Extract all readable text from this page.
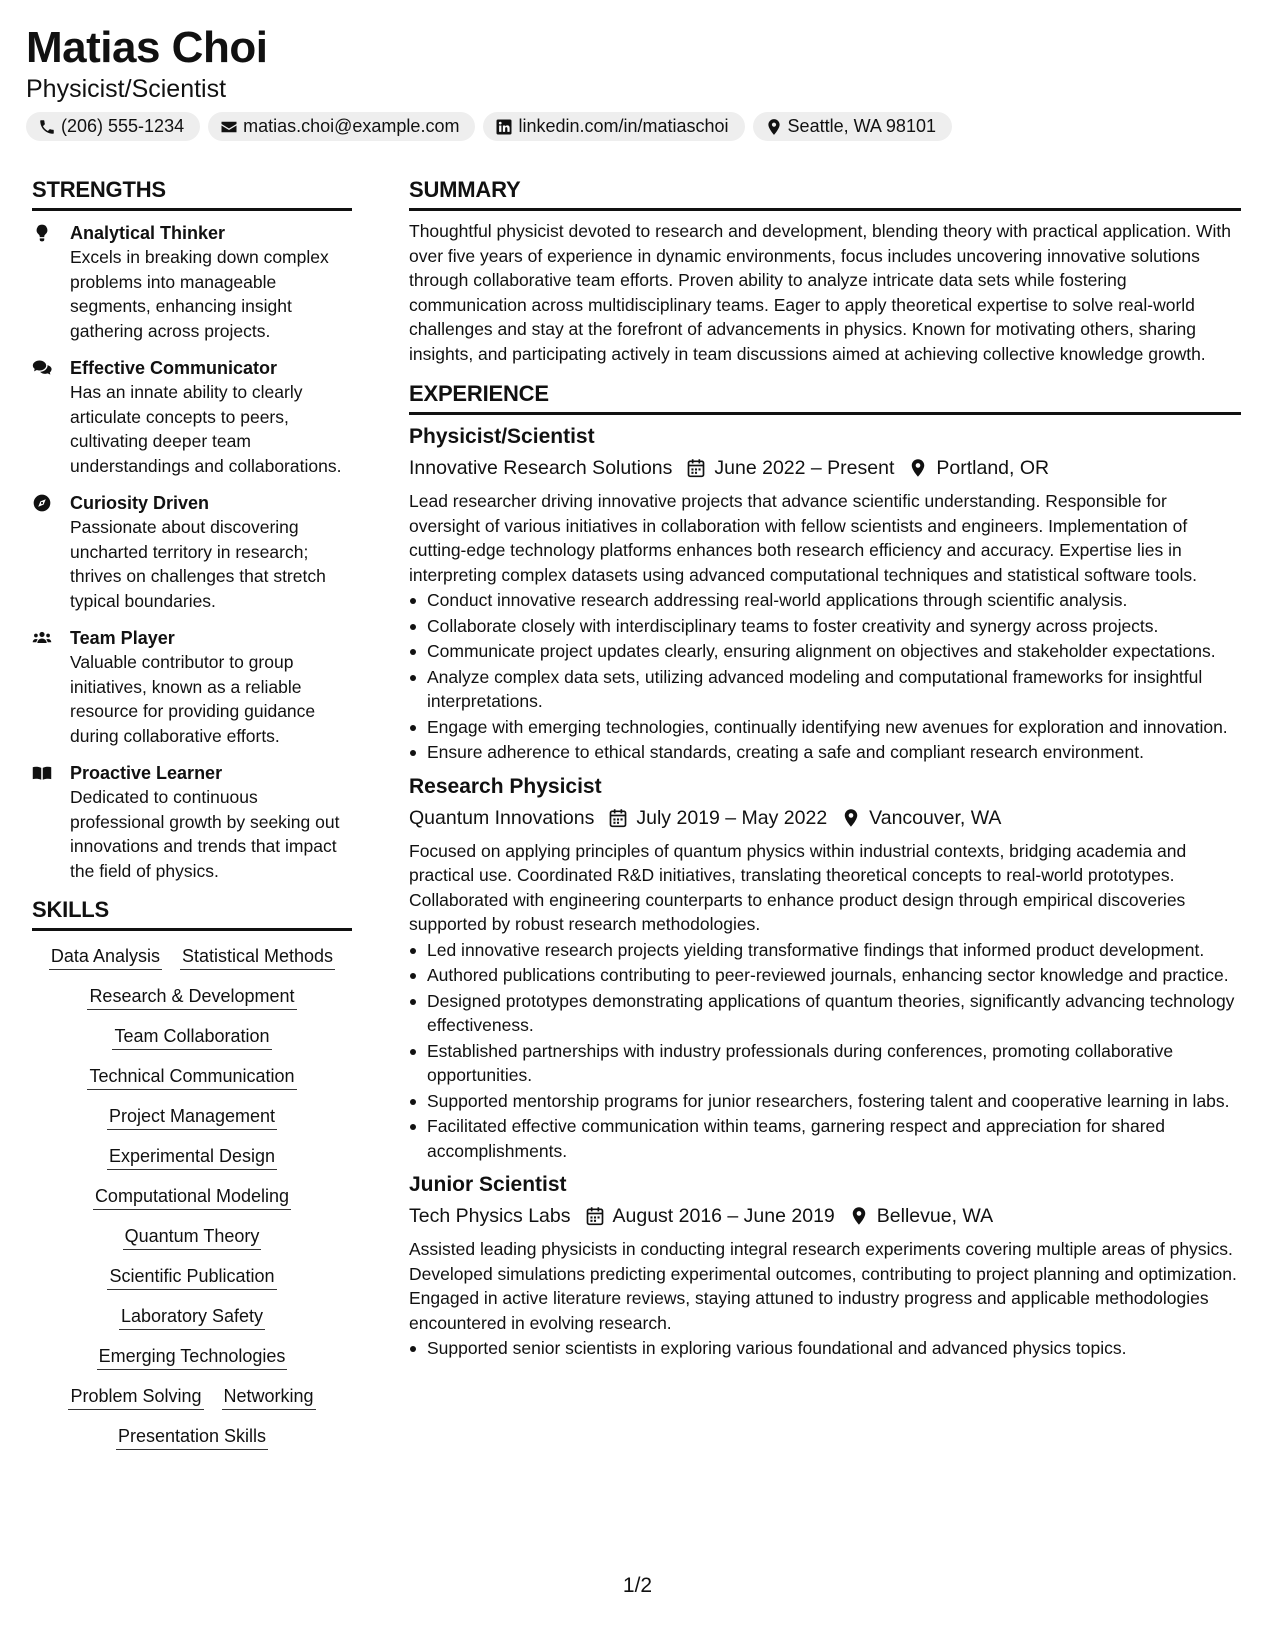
Matias Choi
Physicist/Scientist
(206) 555-1234	matias.choi@example.com	linkedin.com/in/matiaschoi	Seattle, WA 98101
STRENGTHS
Analytical Thinker
Excels in breaking down complex problems into manageable segments, enhancing insight gathering across projects.
Effective Communicator
Has an innate ability to clearly articulate concepts to peers, cultivating deeper team understandings and collaborations.
Curiosity Driven
Passionate about discovering uncharted territory in research; thrives on challenges that stretch typical boundaries.
Team Player
Valuable contributor to group initiatives, known as a reliable resource for providing guidance during collaborative efforts.
Proactive Learner
Dedicated to continuous professional growth by seeking out innovations and trends that impact the field of physics.
SKILLS
Data Analysis Statistical Methods
Research & Development
Team Collaboration
Technical Communication
Project Management
Experimental Design
Computational Modeling
Quantum Theory
Scientific Publication
Laboratory Safety
Emerging Technologies
Problem Solving Networking
Presentation Skills
SUMMARY
Thoughtful physicist devoted to research and development, blending theory with practical application. With over five years of experience in dynamic environments, focus includes uncovering innovative solutions through collaborative team efforts. Proven ability to analyze intricate data sets while fostering communication across multidisciplinary teams. Eager to apply theoretical expertise to solve real-world challenges and stay at the forefront of advancements in physics. Known for motivating others, sharing insights, and participating actively in team discussions aimed at achieving collective knowledge growth.
EXPERIENCE
Physicist/Scientist
Innovative Research Solutions June 2022 – Present Portland, OR
Lead researcher driving innovative projects that advance scientific understanding. Responsible for oversight of various initiatives in collaboration with fellow scientists and engineers. Implementation of cutting-edge technology platforms enhances both research efficiency and accuracy. Expertise lies in interpreting complex datasets using advanced computational techniques and statistical software tools.
Conduct innovative research addressing real-world applications through scientific analysis.
Collaborate closely with interdisciplinary teams to foster creativity and synergy across projects.
Communicate project updates clearly, ensuring alignment on objectives and stakeholder expectations.
Analyze complex data sets, utilizing advanced modeling and computational frameworks for insightful interpretations.
Engage with emerging technologies, continually identifying new avenues for exploration and innovation.
Ensure adherence to ethical standards, creating a safe and compliant research environment.
Research Physicist
Quantum Innovations July 2019 – May 2022 Vancouver, WA
Focused on applying principles of quantum physics within industrial contexts, bridging academia and practical use. Coordinated R&D initiatives, translating theoretical concepts to real-world prototypes. Collaborated with engineering counterparts to enhance product design through empirical discoveries supported by robust research methodologies.
Led innovative research projects yielding transformative findings that informed product development.
Authored publications contributing to peer-reviewed journals, enhancing sector knowledge and practice.
Designed prototypes demonstrating applications of quantum theories, significantly advancing technology effectiveness.
Established partnerships with industry professionals during conferences, promoting collaborative opportunities.
Supported mentorship programs for junior researchers, fostering talent and cooperative learning in labs.
Facilitated effective communication within teams, garnering respect and appreciation for shared accomplishments.
Junior Scientist
Tech Physics Labs August 2016 – June 2019 Bellevue, WA
Assisted leading physicists in conducting integral research experiments covering multiple areas of physics. Developed simulations predicting experimental outcomes, contributing to project planning and optimization. Engaged in active literature reviews, staying attuned to industry progress and applicable methodologies encountered in evolving research.
Supported senior scientists in exploring various foundational and advanced physics topics.
1/2
